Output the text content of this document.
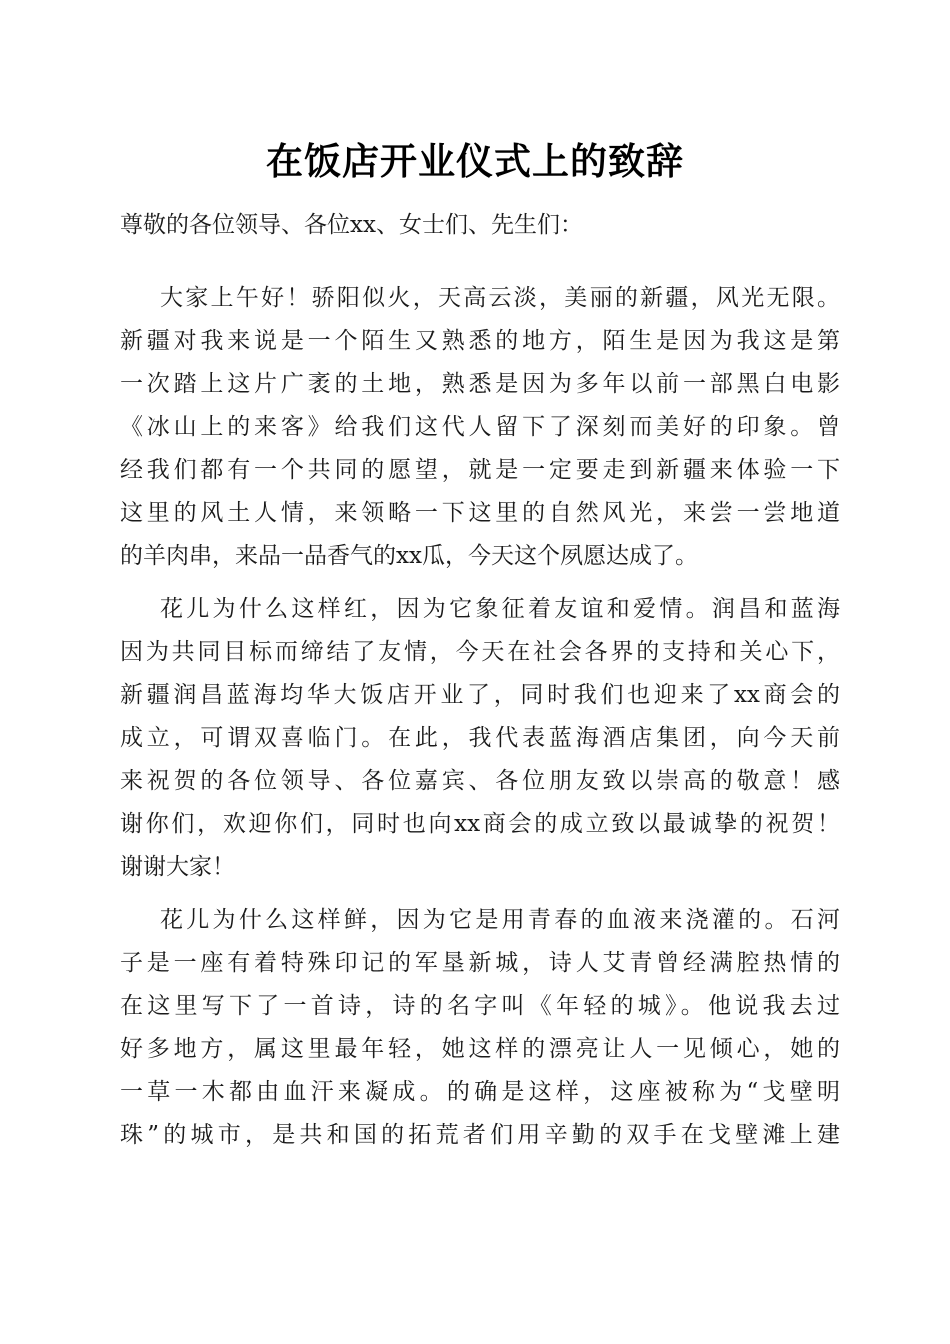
在饭店开业仪式上的致辞
尊敬的各位领导、各位xx、女士们、先生们：
大家上午好！骄阳似火，天高云淡，美丽的新疆，风光无限。
新疆对我来说是一个陌生又熟悉的地方，陌生是因为我这是第
一次踏上这片广袤的土地，熟悉是因为多年以前一部黑白电影
《冰山上的来客》给我们这代人留下了深刻而美好的印象。曾
经我们都有一个共同的愿望，就是一定要走到新疆来体验一下
这里的风土人情，来领略一下这里的自然风光，来尝一尝地道
的羊肉串，来品一品香气的xx瓜，今天这个夙愿达成了。
花儿为什么这样红，因为它象征着友谊和爱情。润昌和蓝海
因为共同目标而缔结了友情，今天在社会各界的支持和关心下，
新疆润昌蓝海均华大饭店开业了，同时我们也迎来了xx商会的
成立，可谓双喜临门。在此，我代表蓝海酒店集团，向今天前
来祝贺的各位领导、各位嘉宾、各位朋友致以崇高的敬意！感
谢你们，欢迎你们，同时也向xx商会的成立致以最诚挚的祝贺！
谢谢大家！
花儿为什么这样鲜，因为它是用青春的血液来浇灌的。石河
子是一座有着特殊印记的军垦新城，诗人艾青曾经满腔热情的
在这里写下了一首诗，诗的名字叫《年轻的城》。他说我去过
好多地方，属这里最年轻，她这样的漂亮让人一见倾心，她的
一草一木都由血汗来凝成。的确是这样，这座被称为“戈壁明
珠”的城市，是共和国的拓荒者们用辛勤的双手在戈壁滩上建
